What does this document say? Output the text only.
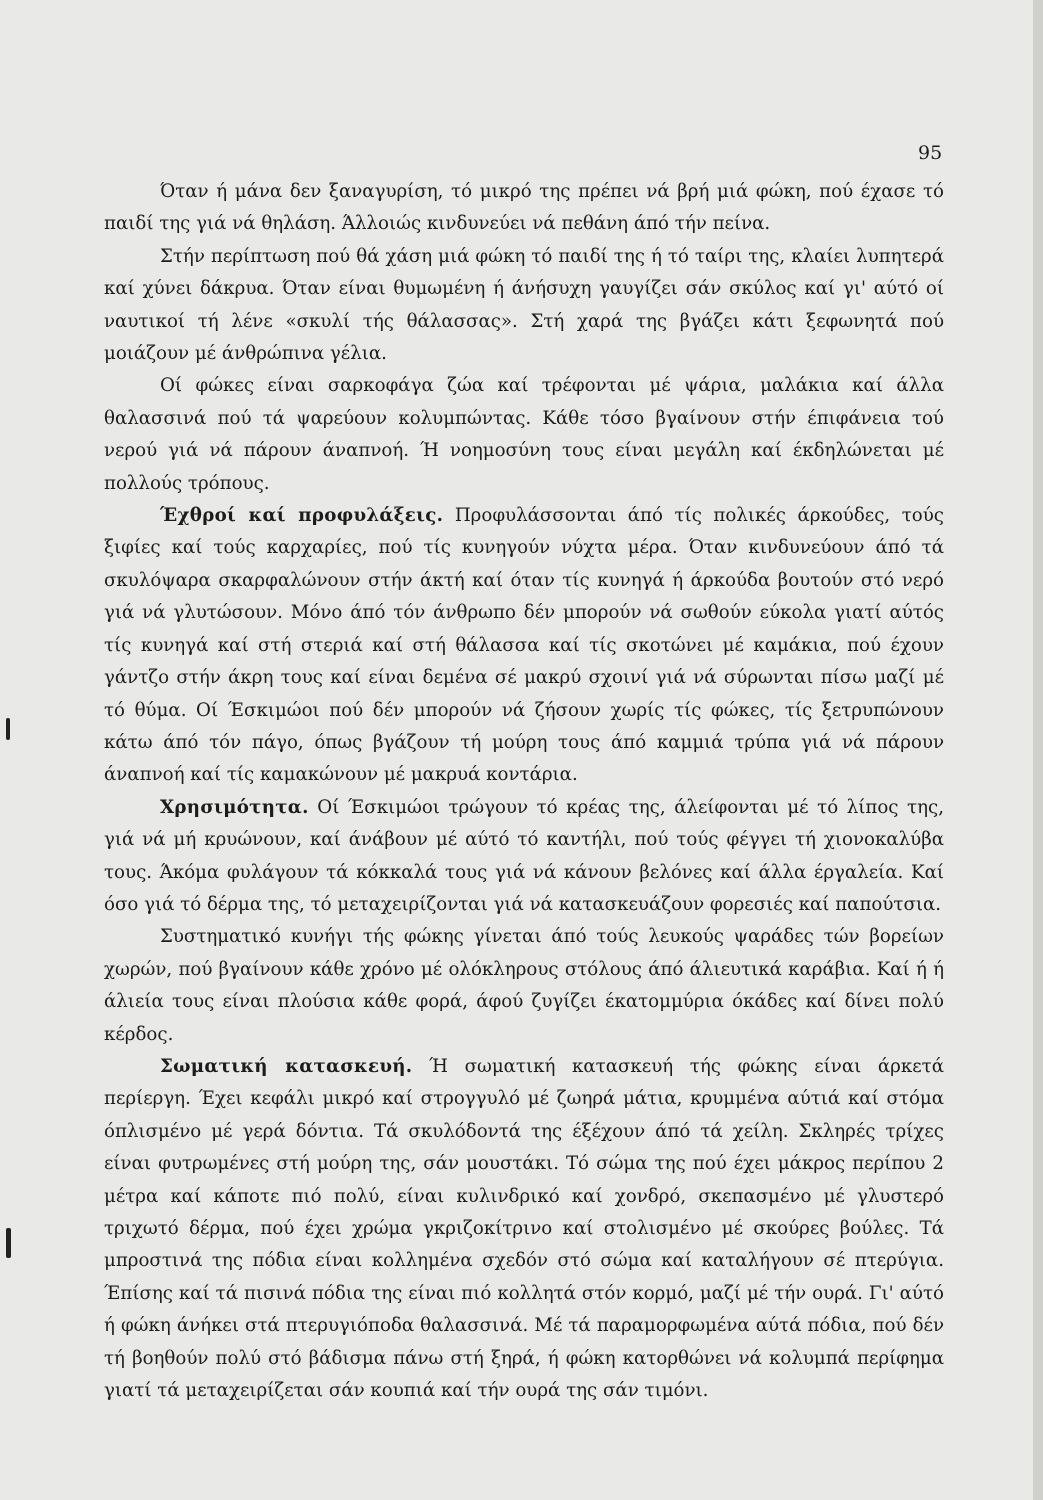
95

Όταν ή μάνα δεν ξαναγυρίση, τό μικρό της πρέπει νά βρή μιά φώκη, πού έχασε τό παιδί της γιά νά θηλάση. Άλλοιώς κινδυνεύει νά πεθάνη άπό τήν πείνα.

Στήν περίπτωση πού θά χάση μιά φώκη τό παιδί της ή τό ταίρι της, κλαίει λυπητερά καί χύνει δάκρυα. Όταν είναι θυμωμένη ή άνήσυχη γαυγίζει σάν σκύλος καί γι' αύτό οί ναυτικοί τή λένε «σκυλί τής θάλασσας». Στή χαρά της βγάζει κάτι ξεφωνητά πού μοιάζουν μέ άνθρώπινα γέλια.

Οί φώκες είναι σαρκοφάγα ζώα καί τρέφονται μέ ψάρια, μαλάκια καί άλλα θαλασσινά πού τά ψαρεύουν κολυμπώντας. Κάθε τόσο βγαίνουν στήν έπιφάνεια τού νερού γιά νά πάρουν άναπνοή. Ή νοημοσύνη τους είναι μεγάλη καί έκδηλώνεται μέ πολλούς τρόπους.

Έχθροί καί προφυλάξεις. Προφυλάσσονται άπό τίς πολικές άρκούδες, τούς ξιφίες καί τούς καρχαρίες, πού τίς κυνηγούν νύχτα μέρα. Όταν κινδυνεύουν άπό τά σκυλόψαρα σκαρφαλώνουν στήν άκτή καί όταν τίς κυνηγά ή άρκούδα βουτούν στό νερό γιά νά γλυτώσουν. Μόνο άπό τόν άνθρωπο δέν μπορούν νά σωθούν εύκολα γιατί αύτός τίς κυνηγά καί στή στεριά καί στή θάλασσα καί τίς σκοτώνει μέ καμάκια, πού έχουν γάντζο στήν άκρη τους καί είναι δεμένα σέ μακρύ σχοινί γιά νά σύρωνται πίσω μαζί μέ τό θύμα. Οί Έσκιμώοι πού δέν μπορούν νά ζήσουν χωρίς τίς φώκες, τίς ξετρυπώνουν κάτω άπό τόν πάγο, όπως βγάζουν τή μούρη τους άπό καμμιά τρύπα γιά νά πάρουν άναπνοή καί τίς καμακώνουν μέ μακρυά κοντάρια.

Χρησιμότητα. Οί Έσκιμώοι τρώγουν τό κρέας της, άλείφονται μέ τό λίπος της, γιά νά μή κρυώνουν, καί άνάβουν μέ αύτό τό καντήλι, πού τούς φέγγει τή χιονοκαλύβα τους. Άκόμα φυλάγουν τά κόκκαλά τους γιά νά κάνουν βελόνες καί άλλα έργαλεία. Καί όσο γιά τό δέρμα της, τό μεταχειρίζονται γιά νά κατασκευάζουν φορεσιές καί παπούτσια.

Συστηματικό κυνήγι τής φώκης γίνεται άπό τούς λευκούς ψαράδες τών βορείων χωρών, πού βγαίνουν κάθε χρόνο μέ ολόκληρους στόλους άπό άλιευτικά καράβια. Καί ή ή άλιεία τους είναι πλούσια κάθε φορά, άφού ζυγίζει έκατομμύρια όκάδες καί δίνει πολύ κέρδος.

Σωματική κατασκευή. Ή σωματική κατασκευή τής φώκης είναι άρκετά περίεργη. Έχει κεφάλι μικρό καί στρογγυλό μέ ζωηρά μάτια, κρυμμένα αύτιά καί στόμα όπλισμένο μέ γερά δόντια. Τά σκυλόδοντά της έξέχουν άπό τά χείλη. Σκληρές τρίχες είναι φυτρωμένες στή μούρη της, σάν μουστάκι. Τό σώμα της πού έχει μάκρος περίπου 2 μέτρα καί κάποτε πιό πολύ, είναι κυλινδρικό καί χονδρό, σκεπασμένο μέ γλυστερό τριχωτό δέρμα, πού έχει χρώμα γκριζοκίτρινο καί στολισμένο μέ σκούρες βούλες. Τά μπροστινά της πόδια είναι κολλημένα σχεδόν στό σώμα καί καταλήγουν σέ πτερύγια. Έπίσης καί τά πισινά πόδια της είναι πιό κολλητά στόν κορμό, μαζί μέ τήν ουρά. Γι' αύτό ή φώκη άνήκει στά πτερυγιόποδα θαλασσινά. Μέ τά παραμορφωμένα αύτά πόδια, πού δέν τή βοηθούν πολύ στό βάδισμα πάνω στή ξηρά, ή φώκη κατορθώνει νά κολυμπά περίφημα γιατί τά μεταχειρίζεται σάν κουπιά καί τήν ουρά της σάν τιμόνι.
